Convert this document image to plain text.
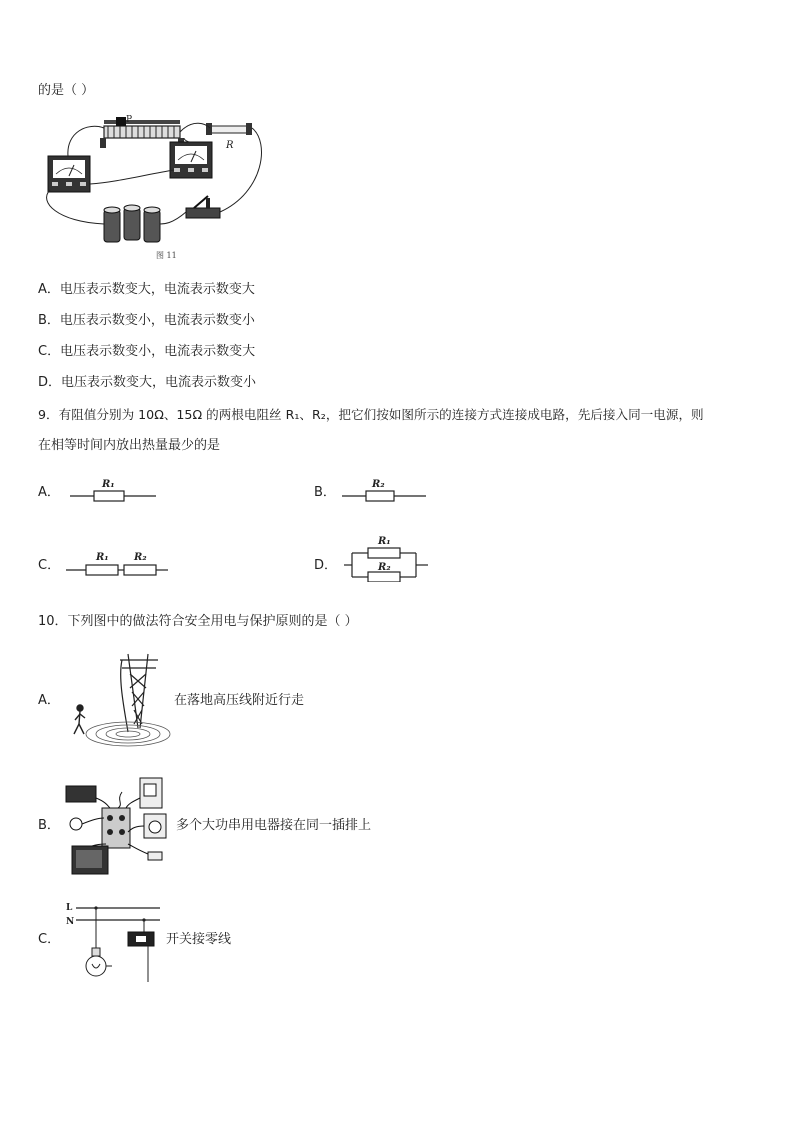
的是（ ）
P
R
图 11
A．电压表示数变大，电流表示数变大
B．电压表示数变小，电流表示数变小
C．电压表示数变小，电流表示数变大
D．电压表示数变大，电流表示数变小
9．有阻值分别为 10Ω、15Ω 的两根电阻丝 R₁、R₂，把它们按如图所示的连接方式连接成电路，先后接入同一电源，则
在相等时间内放出热量最少的是
A．
R₁
B．
R₂
C．
R₁	R₂
D．
R₁
R₂
10．下列图中的做法符合安全用电与保护原则的是（ ）
A．	在落地高压线附近行走
B．	多个大功串用电器接在同一插排上
C．
L
N
开关接零线
